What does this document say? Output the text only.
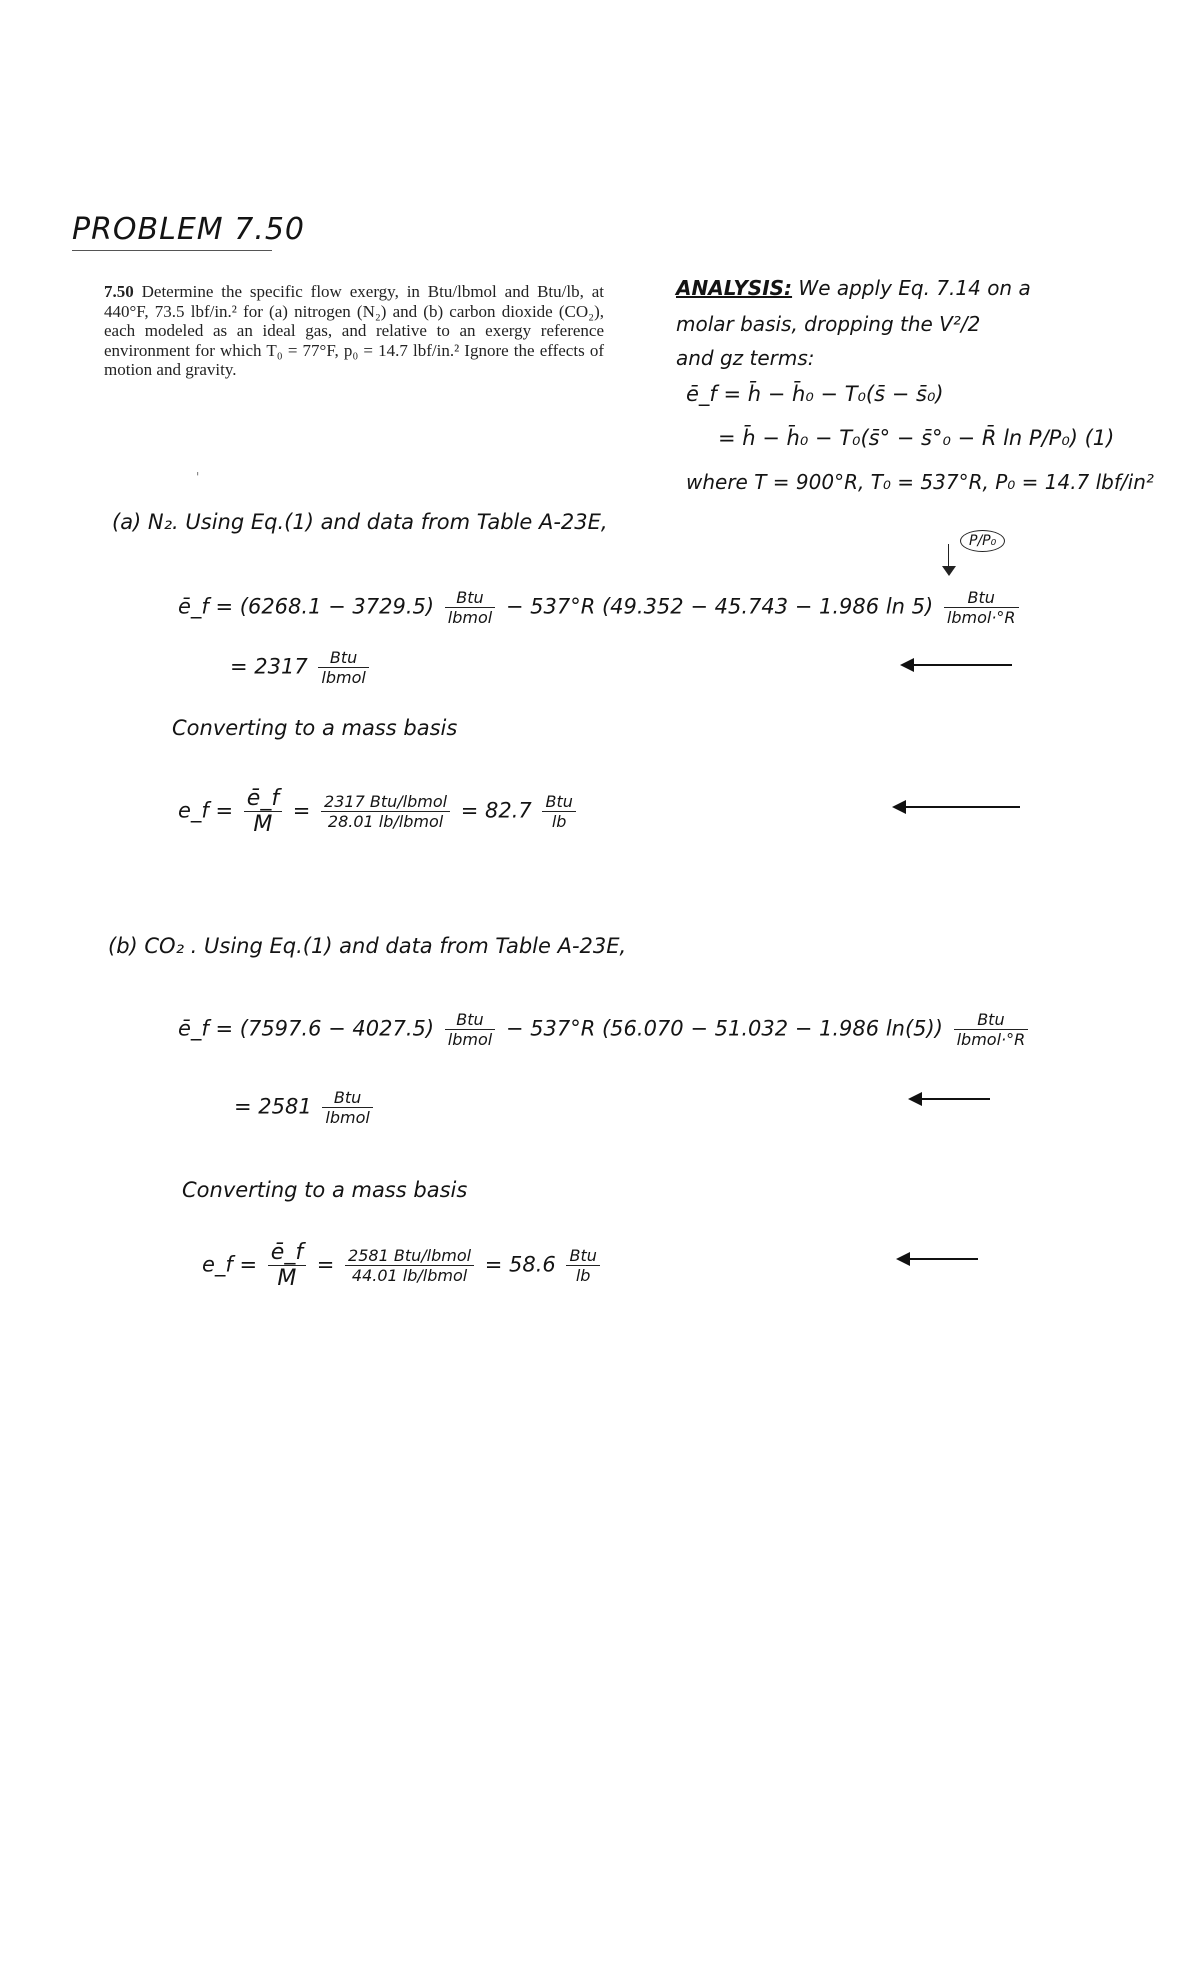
PROBLEM 7.50
7.50 Determine the specific flow exergy, in Btu/lbmol and Btu/lb, at 440°F, 73.5 lbf/in.² for (a) nitrogen (N₂) and (b) carbon dioxide (CO₂), each modeled as an ideal gas, and relative to an exergy reference environment for which T₀ = 77°F, p₀ = 14.7 lbf/in.² Ignore the effects of motion and gravity.
ANALYSIS: We apply Eq. 7.14 on a
molar basis, dropping the V²/2
and gz terms:
ē_f = h̄ − h̄₀ − T₀(s̄ − s̄₀)
= h̄ − h̄₀ − T₀(s̄° − s̄°₀ − R̄ ln P/P₀) (1)
where T = 900°R, T₀ = 537°R, P₀ = 14.7 lbf/in²
'
(a) N₂. Using Eq.(1) and data from Table A-23E,
P/P₀
ē_f = $(6268.1 - 3729.5) \frac{\text{Btu}}{\text{lbmol}} - 537^\circ R$ (49.352 − 45.743 − 1.986 $\ln 5) \frac{\text{Btu}}{\text{lbmol·°R}}$
= $2317 \frac{\text{Btu}}{\text{lbmol}}$
Converting to a mass basis
e_f = $\frac{ē\_f}{M} = \frac{\text{2317 Btu/lbmol}}{\text{28.01 lb/lbmol}} = 82.7 \frac{\text{Btu}}{lb}$
(b) CO₂ . Using Eq.(1) and data from Table A-23E,
ē_f = $(7597.6 - 4027.5) \frac{\text{Btu}}{\text{lbmol}} - 537^\circ R$ (56.070 − 51.032 − 1.986 $\ln(5)) \frac{\text{Btu}}{\text{lbmol·°R}}$
= $2581 \frac{\text{Btu}}{\text{lbmol}}$
Converting to a mass basis
e_f = $\frac{ē\_f}{M} = \frac{\text{2581 Btu/lbmol}}{\text{44.01 lb/lbmol}} = 58.6 \frac{\text{Btu}}{lb}$
